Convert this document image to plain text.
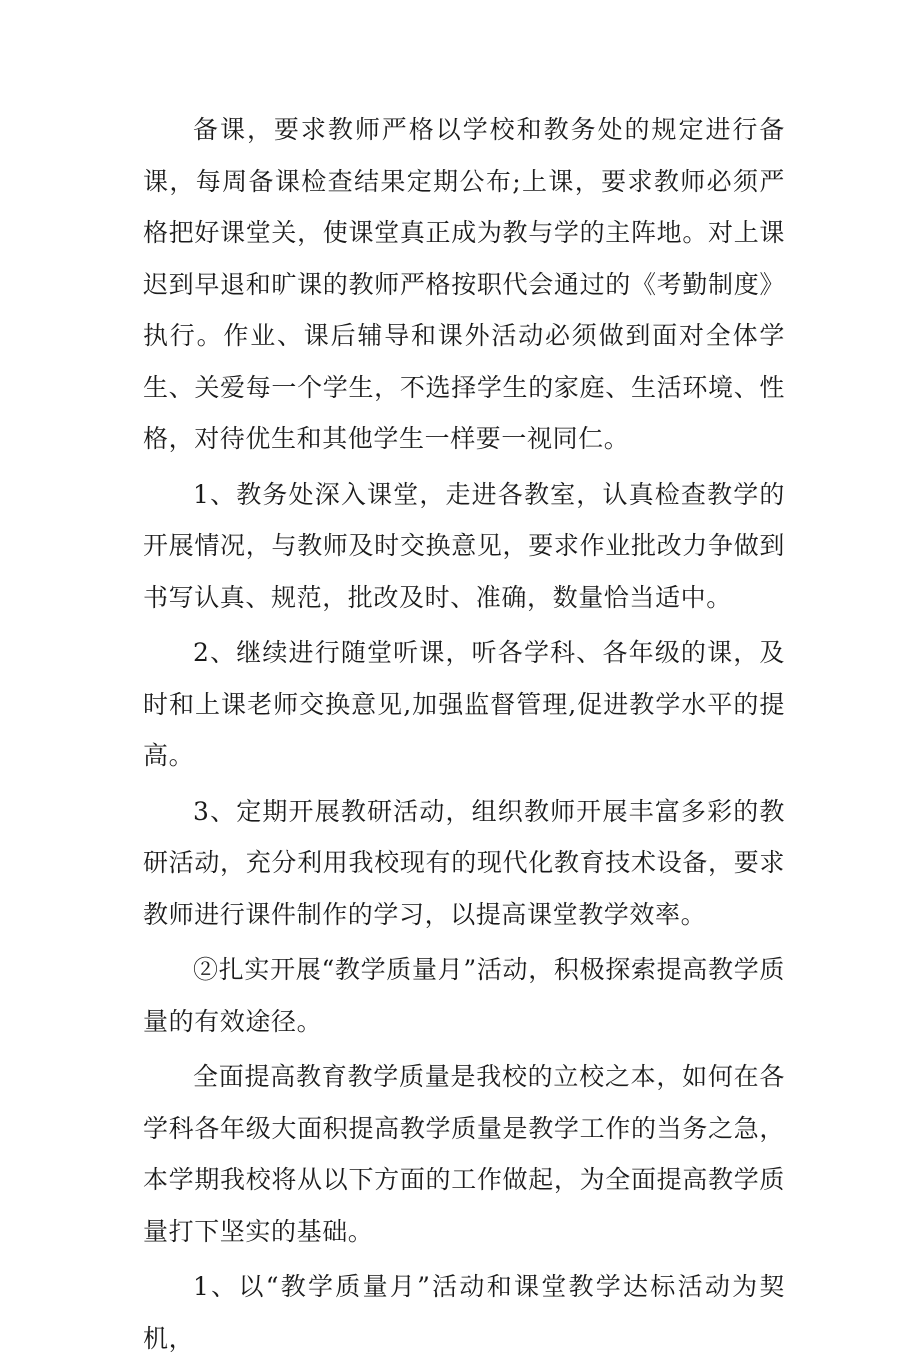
备课，要求教师严格以学校和教务处的规定进行备课，每周备课检查结果定期公布;上课，要求教师必须严格把好课堂关，使课堂真正成为教与学的主阵地。对上课迟到早退和旷课的教师严格按职代会通过的《考勤制度》执行。作业、课后辅导和课外活动必须做到面对全体学生、关爱每一个学生，不选择学生的家庭、生活环境、性格，对待优生和其他学生一样要一视同仁。

1、教务处深入课堂，走进各教室，认真检查教学的开展情况，与教师及时交换意见，要求作业批改力争做到书写认真、规范，批改及时、准确，数量恰当适中。

2、继续进行随堂听课，听各学科、各年级的课，及时和上课老师交换意见,加强监督管理,促进教学水平的提高。

3、定期开展教研活动，组织教师开展丰富多彩的教研活动，充分利用我校现有的现代化教育技术设备，要求教师进行课件制作的学习，以提高课堂教学效率。

②扎实开展“教学质量月”活动，积极探索提高教学质量的有效途径。

全面提高教育教学质量是我校的立校之本，如何在各学科各年级大面积提高教学质量是教学工作的当务之急，本学期我校将从以下方面的工作做起，为全面提高教学质量打下坚实的基础。

1、以“教学质量月”活动和课堂教学达标活动为契机，
